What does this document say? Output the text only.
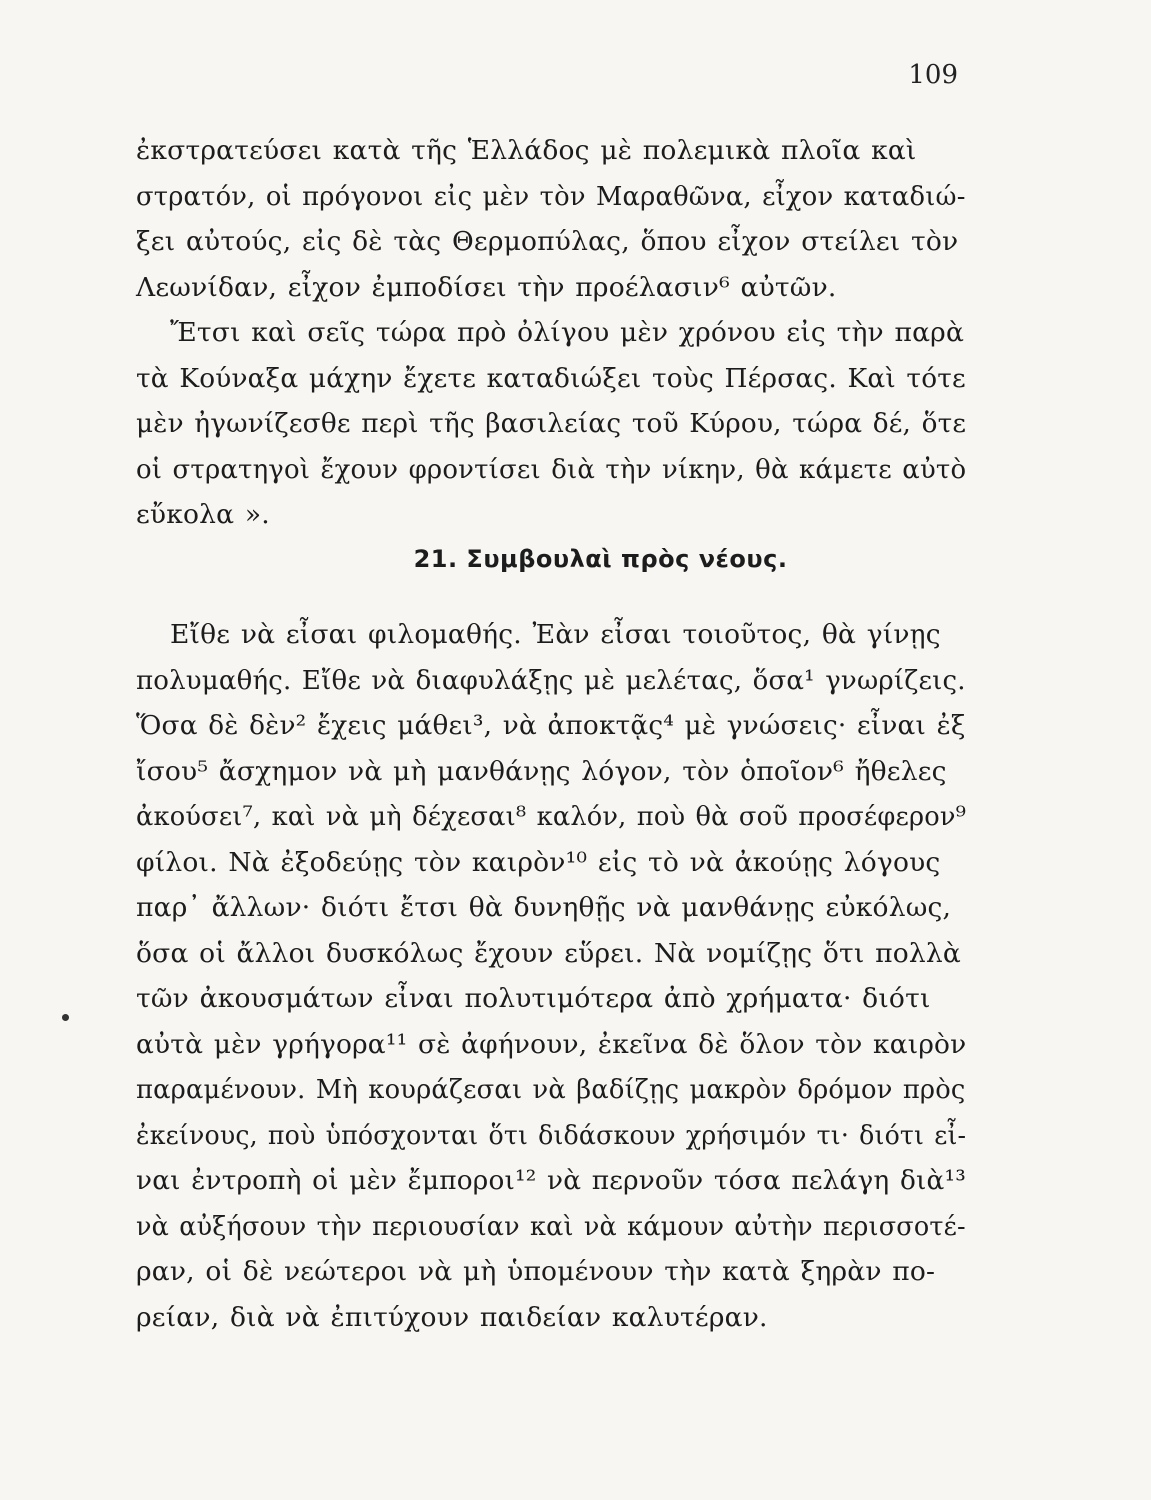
109
ἐκστρατεύσει κατὰ τῆς Ἑλλάδος μὲ πολεμικὰ πλοῖα καὶ
στρατόν, οἱ πρόγονοι εἰς μὲν τὸν Μαραθῶνα, εἶχον καταδιώ-
ξει αὐτούς, εἰς δὲ τὰς Θερμοπύλας, ὅπου εἶχον στείλει τὸν
Λεωνίδαν, εἶχον ἐμποδίσει τὴν προέλασιν⁶ αὐτῶν.
Ἔτσι καὶ σεῖς τώρα πρὸ ὀλίγου μὲν χρόνου εἰς τὴν παρὰ
τὰ Κούναξα μάχην ἔχετε καταδιώξει τοὺς Πέρσας. Καὶ τότε
μὲν ἠγωνίζεσθε περὶ τῆς βασιλείας τοῦ Κύρου, τώρα δέ, ὅτε
οἱ στρατηγοὶ ἔχουν φροντίσει διὰ τὴν νίκην, θὰ κάμετε αὐτὸ
εὔκολα ».
21. Συμβουλαὶ πρὸς νέους.
Εἴθε νὰ εἶσαι φιλομαθής. Ἐὰν εἶσαι τοιοῦτος, θὰ γίνῃς
πολυμαθής. Εἴθε νὰ διαφυλάξῃς μὲ μελέτας, ὅσα¹ γνωρίζεις.
Ὅσα δὲ δὲν² ἔχεις μάθει³, νὰ ἀποκτᾷς⁴ μὲ γνώσεις· εἶναι ἐξ
ἴσου⁵ ἄσχημον νὰ μὴ μανθάνῃς λόγον, τὸν ὁποῖον⁶ ἤθελες
ἀκούσει⁷, καὶ νὰ μὴ δέχεσαι⁸ καλόν, ποὺ θὰ σοῦ προσέφερον⁹
φίλοι. Νὰ ἐξοδεύῃς τὸν καιρὸν¹⁰ εἰς τὸ νὰ ἀκούῃς λόγους
παρ᾽ ἄλλων· διότι ἔτσι θὰ δυνηθῇς νὰ μανθάνῃς εὐκόλως,
ὅσα οἱ ἄλλοι δυσκόλως ἔχουν εὕρει. Νὰ νομίζῃς ὅτι πολλὰ
τῶν ἀκουσμάτων εἶναι πολυτιμότερα ἀπὸ χρήματα· διότι
αὐτὰ μὲν γρήγορα¹¹ σὲ ἀφήνουν, ἐκεῖνα δὲ ὅλον τὸν καιρὸν
παραμένουν. Μὴ κουράζεσαι νὰ βαδίζῃς μακρὸν δρόμον πρὸς
ἐκείνους, ποὺ ὑπόσχονται ὅτι διδάσκουν χρήσιμόν τι· διότι εἶ-
ναι ἐντροπὴ οἱ μὲν ἔμποροι¹² νὰ περνοῦν τόσα πελάγη διὰ¹³
νὰ αὐξήσουν τὴν περιουσίαν καὶ νὰ κάμουν αὐτὴν περισσοτέ-
ραν, οἱ δὲ νεώτεροι νὰ μὴ ὑπομένουν τὴν κατὰ ξηρὰν πο-
ρείαν, διὰ νὰ ἐπιτύχουν παιδείαν καλυτέραν.
